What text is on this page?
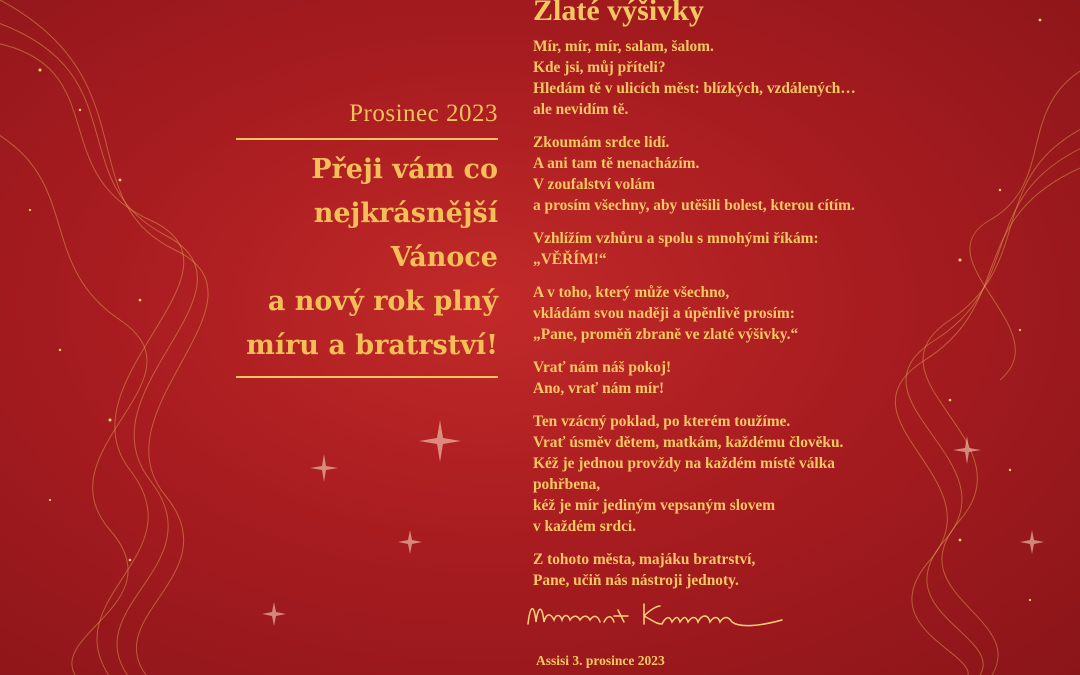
Prosinec 2023
Přeji vám co
nejkrásnější Vánoce
a nový rok plný
míru a bratrství!
Zlaté výšivky
Mír, mír, mír, salam, šalom.
Kde jsi, můj příteli?
Hledám tě v ulicích měst: blízkých, vzdálených…
ale nevidím tě.
Zkoumám srdce lidí.
A ani tam tě nenacházím.
V zoufalství volám
a prosím všechny, aby utěšili bolest, kterou cítím.
Vzhlížím vzhůru a spolu s mnohými říkám:
„VĚŘÍM!“
A v toho, který může všechno,
vkládám svou naději a úpěnlivě prosím:
„Pane, proměň zbraně ve zlaté výšivky.“
Vrať nám náš pokoj!
Ano, vrať nám mír!
Ten vzácný poklad, po kterém toužíme.
Vrať úsměv dětem, matkám, každému člověku.
Kéž je jednou provždy na každém místě válka
pohřbena,
kéž je mír jediným vepsaným slovem
v každém srdci.
Z tohoto města, majáku bratrství,
Pane, učiň nás nástroji jednoty.
Assisi 3. prosince 2023
